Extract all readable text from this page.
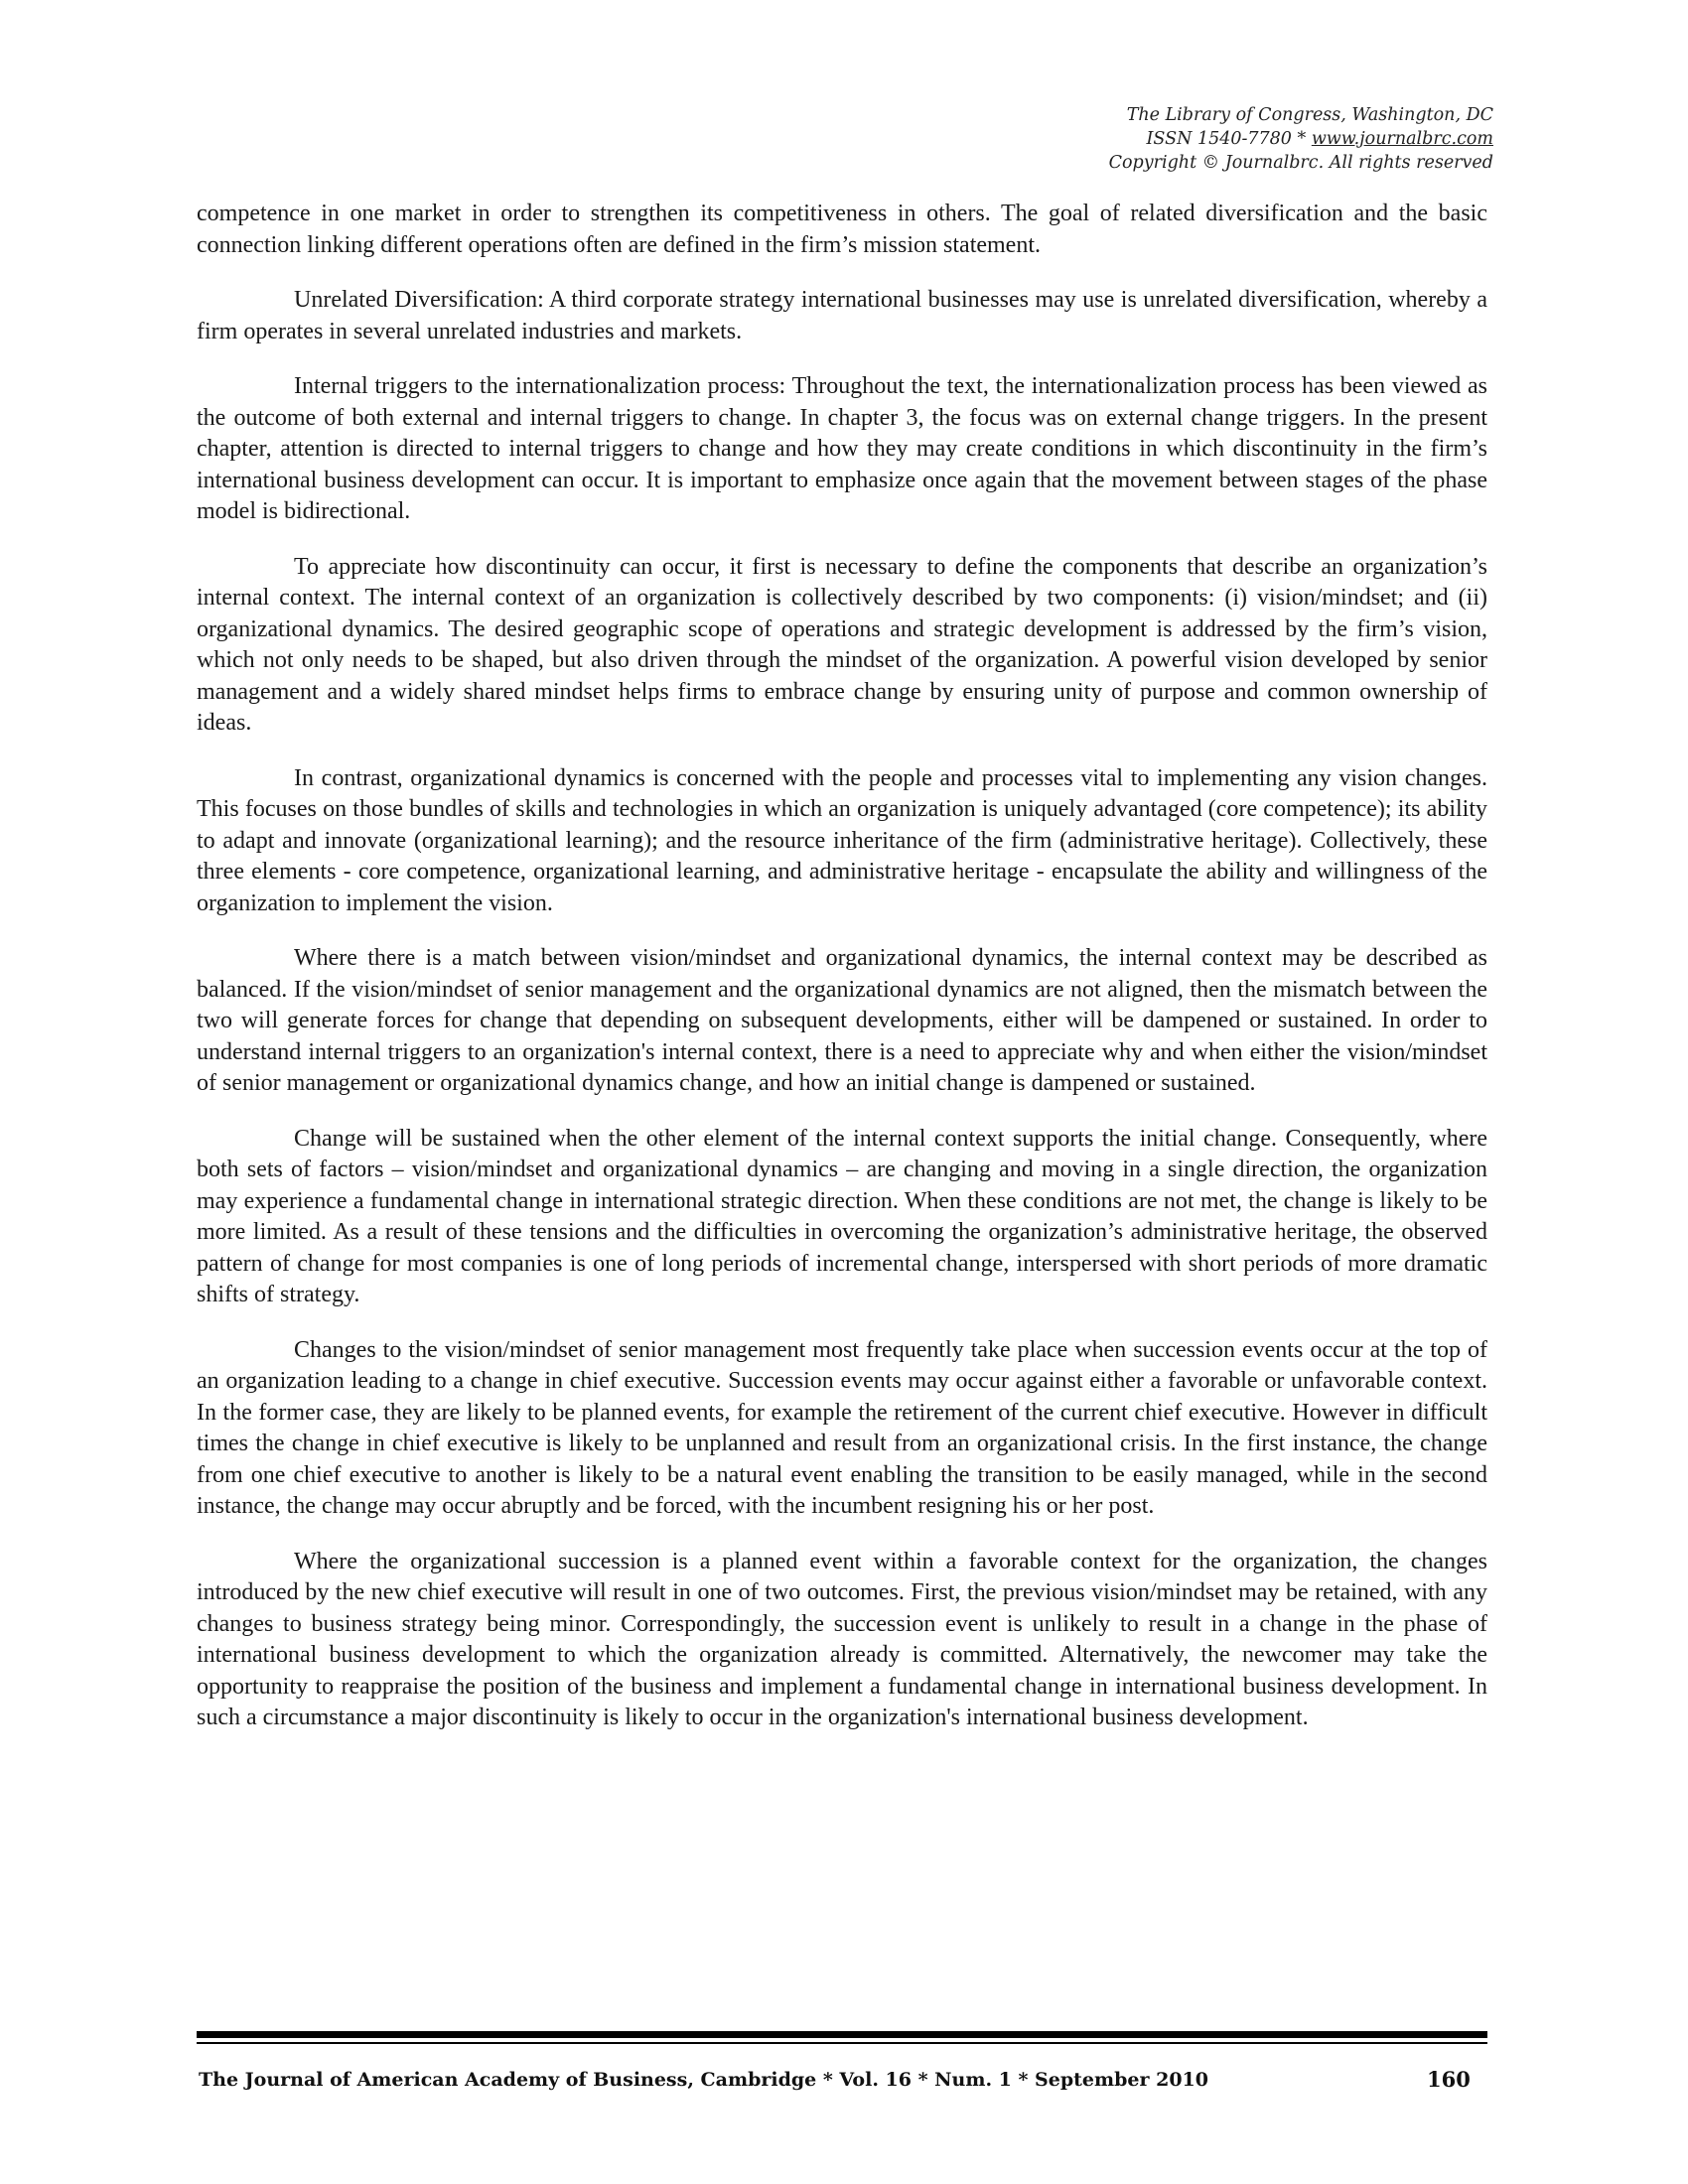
The Library of Congress, Washington, DC
ISSN 1540-7780 * www.journalbrc.com
Copyright © Journalbrc. All rights reserved

competence in one market in order to strengthen its competitiveness in others. The goal of related diversification and the basic connection linking different operations often are defined in the firm’s mission statement.

Unrelated Diversification: A third corporate strategy international businesses may use is unrelated diversification, whereby a firm operates in several unrelated industries and markets.

Internal triggers to the internationalization process: Throughout the text, the internationalization process has been viewed as the outcome of both external and internal triggers to change. In chapter 3, the focus was on external change triggers. In the present chapter, attention is directed to internal triggers to change and how they may create conditions in which discontinuity in the firm’s international business development can occur. It is important to emphasize once again that the movement between stages of the phase model is bidirectional.

To appreciate how discontinuity can occur, it first is necessary to define the components that describe an organization’s internal context. The internal context of an organization is collectively described by two components: (i) vision/mindset; and (ii) organizational dynamics. The desired geographic scope of operations and strategic development is addressed by the firm’s vision, which not only needs to be shaped, but also driven through the mindset of the organization. A powerful vision developed by senior management and a widely shared mindset helps firms to embrace change by ensuring unity of purpose and common ownership of ideas.

In contrast, organizational dynamics is concerned with the people and processes vital to implementing any vision changes. This focuses on those bundles of skills and technologies in which an organization is uniquely advantaged (core competence); its ability to adapt and innovate (organizational learning); and the resource inheritance of the firm (administrative heritage). Collectively, these three elements - core competence, organizational learning, and administrative heritage - encapsulate the ability and willingness of the organization to implement the vision.

Where there is a match between vision/mindset and organizational dynamics, the internal context may be described as balanced. If the vision/mindset of senior management and the organizational dynamics are not aligned, then the mismatch between the two will generate forces for change that depending on subsequent developments, either will be dampened or sustained. In order to understand internal triggers to an organization's internal context, there is a need to appreciate why and when either the vision/mindset of senior management or organizational dynamics change, and how an initial change is dampened or sustained.

Change will be sustained when the other element of the internal context supports the initial change. Consequently, where both sets of factors – vision/mindset and organizational dynamics – are changing and moving in a single direction, the organization may experience a fundamental change in international strategic direction. When these conditions are not met, the change is likely to be more limited. As a result of these tensions and the difficulties in overcoming the organization’s administrative heritage, the observed pattern of change for most companies is one of long periods of incremental change, interspersed with short periods of more dramatic shifts of strategy.

Changes to the vision/mindset of senior management most frequently take place when succession events occur at the top of an organization leading to a change in chief executive. Succession events may occur against either a favorable or unfavorable context. In the former case, they are likely to be planned events, for example the retirement of the current chief executive. However in difficult times the change in chief executive is likely to be unplanned and result from an organizational crisis. In the first instance, the change from one chief executive to another is likely to be a natural event enabling the transition to be easily managed, while in the second instance, the change may occur abruptly and be forced, with the incumbent resigning his or her post.

Where the organizational succession is a planned event within a favorable context for the organization, the changes introduced by the new chief executive will result in one of two outcomes. First, the previous vision/mindset may be retained, with any changes to business strategy being minor. Correspondingly, the succession event is unlikely to result in a change in the phase of international business development to which the organization already is committed. Alternatively, the newcomer may take the opportunity to reappraise the position of the business and implement a fundamental change in international business development. In such a circumstance a major discontinuity is likely to occur in the organization's international business development.

The Journal of American Academy of Business, Cambridge * Vol. 16 * Num. 1 * September 2010	160
